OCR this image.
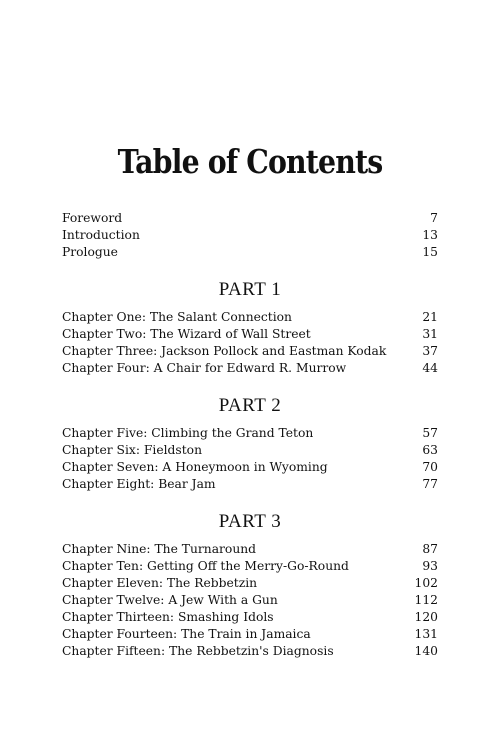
Table of Contents
Foreword	7
Introduction	13
Prologue	15
PART 1
Chapter One: The Salant Connection	21
Chapter Two: The Wizard of Wall Street	31
Chapter Three: Jackson Pollock and Eastman Kodak	37
Chapter Four: A Chair for Edward R. Murrow	44
PART 2
Chapter Five: Climbing the Grand Teton	57
Chapter Six: Fieldston	63
Chapter Seven: A Honeymoon in Wyoming	70
Chapter Eight: Bear Jam	77
PART 3
Chapter Nine: The Turnaround	87
Chapter Ten: Getting Off the Merry-Go-Round	93
Chapter Eleven: The Rebbetzin	102
Chapter Twelve: A Jew With a Gun	112
Chapter Thirteen: Smashing Idols	120
Chapter Fourteen: The Train in Jamaica	131
Chapter Fifteen: The Rebbetzin's Diagnosis	140
